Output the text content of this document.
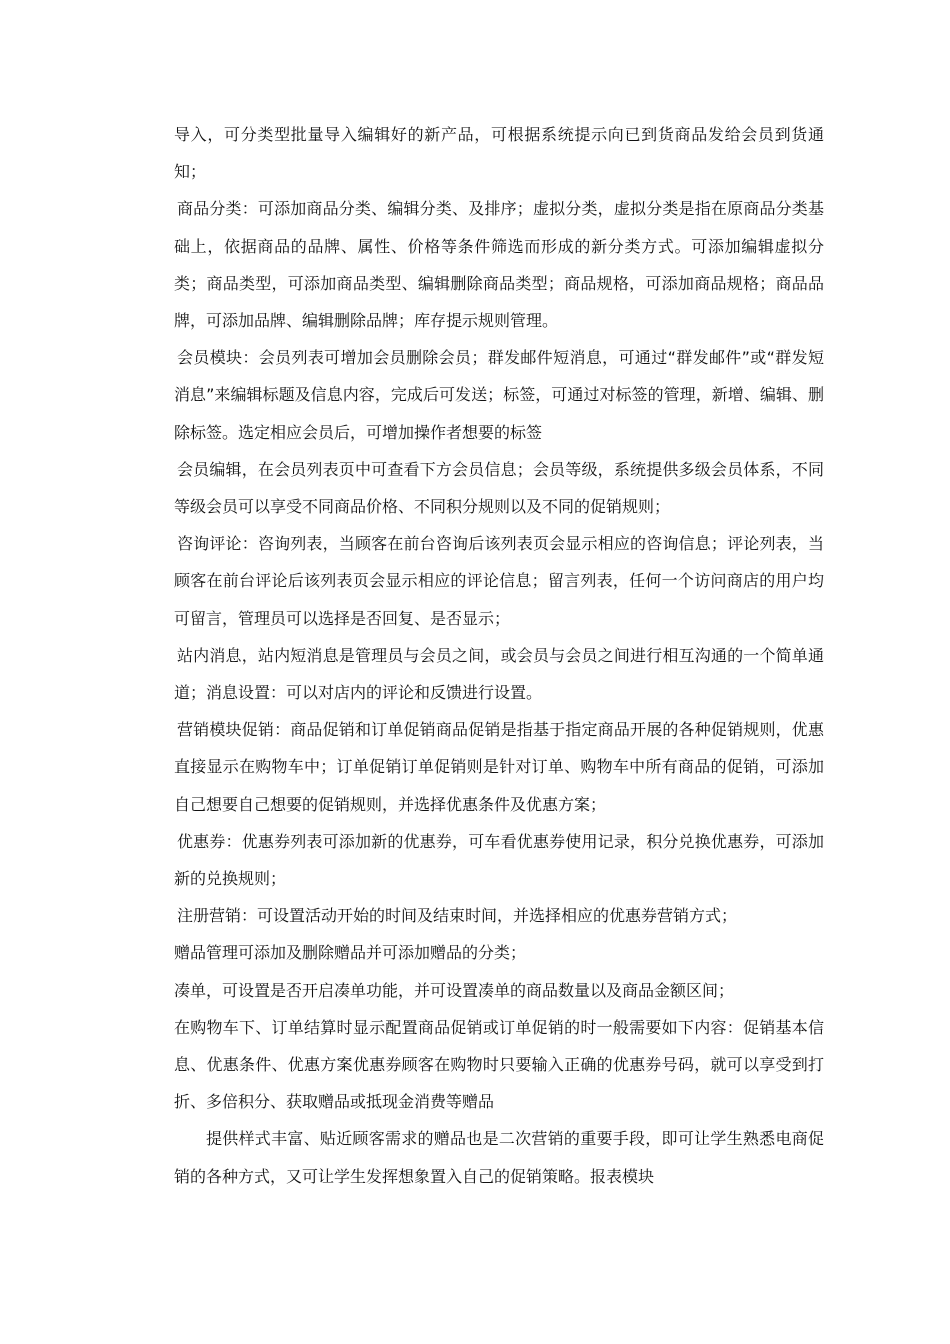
导入，可分类型批量导入编辑好的新产品，可根据系统提示向已到货商品发给会员到货通知；

商品分类：可添加商品分类、编辑分类、及排序；虚拟分类，虚拟分类是指在原商品分类基础上，依据商品的品牌、属性、价格等条件筛选而形成的新分类方式。可添加编辑虚拟分类；商品类型，可添加商品类型、编辑删除商品类型；商品规格，可添加商品规格；商品品牌，可添加品牌、编辑删除品牌；库存提示规则管理。

会员模块：会员列表可增加会员删除会员；群发邮件短消息，可通过“群发邮件”或“群发短消息”来编辑标题及信息内容，完成后可发送；标签，可通过对标签的管理，新增、编辑、删除标签。选定相应会员后，可增加操作者想要的标签

会员编辑，在会员列表页中可查看下方会员信息；会员等级，系统提供多级会员体系，不同等级会员可以享受不同商品价格、不同积分规则以及不同的促销规则；

咨询评论：咨询列表，当顾客在前台咨询后该列表页会显示相应的咨询信息；评论列表，当顾客在前台评论后该列表页会显示相应的评论信息；留言列表，任何一个访问商店的用户均可留言，管理员可以选择是否回复、是否显示；

站内消息，站内短消息是管理员与会员之间，或会员与会员之间进行相互沟通的一个简单通道；消息设置：可以对店内的评论和反馈进行设置。

营销模块促销：商品促销和订单促销商品促销是指基于指定商品开展的各种促销规则，优惠直接显示在购物车中；订单促销订单促销则是针对订单、购物车中所有商品的促销，可添加自己想要自己想要的促销规则，并选择优惠条件及优惠方案；

优惠券：优惠券列表可添加新的优惠券，可车看优惠券使用记录，积分兑换优惠券，可添加新的兑换规则；

注册营销：可设置活动开始的时间及结束时间，并选择相应的优惠券营销方式；

赠品管理可添加及删除赠品并可添加赠品的分类；

凑单，可设置是否开启凑单功能，并可设置凑单的商品数量以及商品金额区间；

在购物车下、订单结算时显示配置商品促销或订单促销的时一般需要如下内容：促销基本信息、优惠条件、优惠方案优惠券顾客在购物时只要输入正确的优惠券号码，就可以享受到打折、多倍积分、获取赠品或抵现金消费等赠品

提供样式丰富、贴近顾客需求的赠品也是二次营销的重要手段，即可让学生熟悉电商促销的各种方式，又可让学生发挥想象置入自己的促销策略。报表模块
